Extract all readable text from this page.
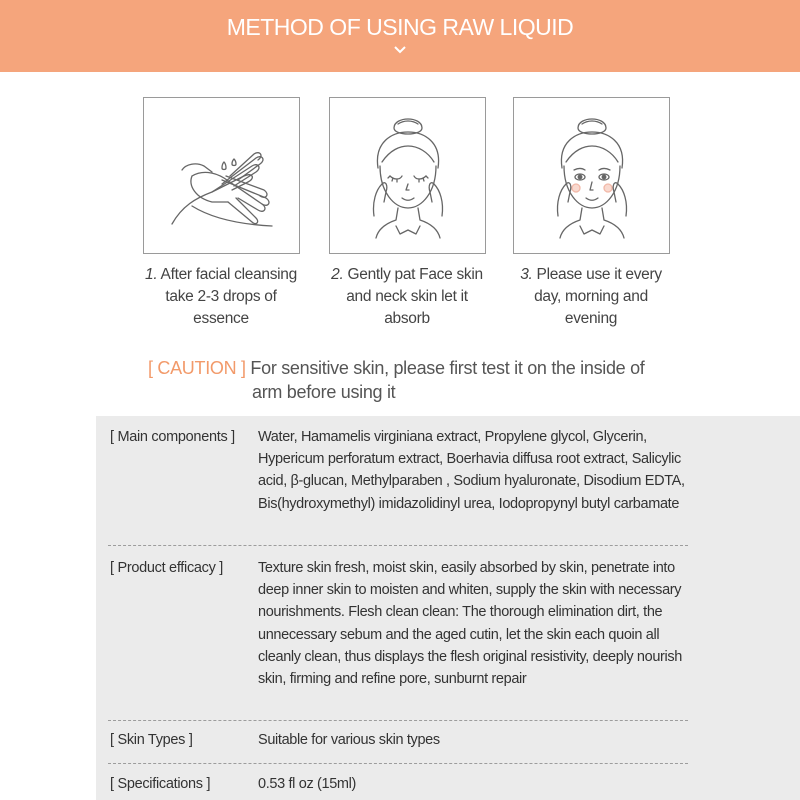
METHOD OF USING RAW LIQUID
1. After facial cleansing take 2-3 drops of essence
2. Gently pat Face skin and neck skin let it absorb
3. Please use it every day, morning and evening
[ CAUTION ] For sensitive skin, please first test it on the inside of
arm before using it
[ Main components ]	Water, Hamamelis virginiana extract, Propylene glycol, Glycerin, Hypericum perforatum extract, Boerhavia diffusa root extract, Salicylic acid, β-glucan, Methylparaben , Sodium hyaluronate, Disodium EDTA, Bis(hydroxymethyl) imidazolidinyl urea, Iodopropynyl butyl carbamate
[ Product efficacy ]	Texture skin fresh, moist skin, easily absorbed by skin, penetrate into deep inner skin to moisten and whiten, supply the skin with necessary nourishments. Flesh clean clean: The thorough elimination dirt, the unnecessary sebum and the aged cutin, let the skin each quoin all cleanly clean, thus displays the flesh original resistivity, deeply nourish skin, firming and refine pore, sunburnt repair
[ Skin Types ]	Suitable for various skin types
[ Specifications ]	0.53 fl oz (15ml)
